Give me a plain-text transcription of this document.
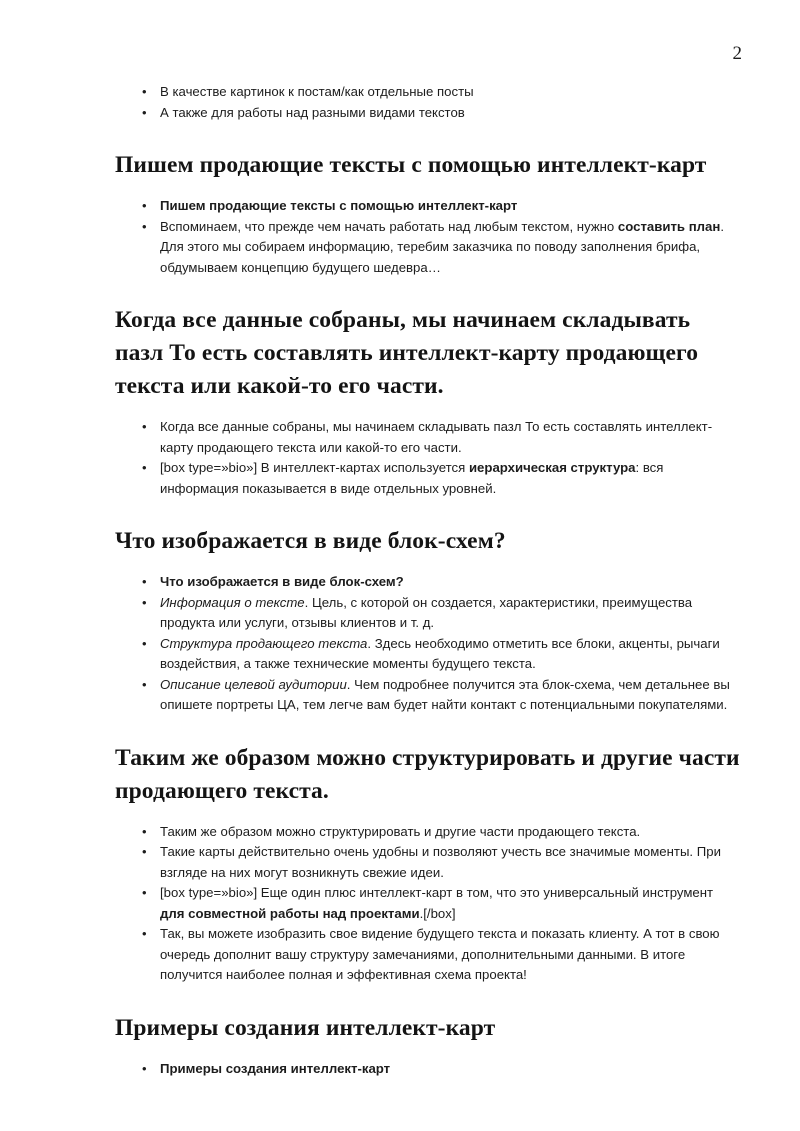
2
• В качестве картинок к постам/как отдельные посты
• А также для работы над разными видами текстов
Пишем продающие тексты с помощью интеллект-карт
• Пишем продающие тексты с помощью интеллект-карт
• Вспоминаем, что прежде чем начать работать над любым текстом, нужно составить план. Для этого мы собираем информацию, теребим заказчика по поводу заполнения брифа, обдумываем концепцию будущего шедевра…
Когда все данные собраны, мы начинаем складывать пазл То есть составлять интеллект-карту продающего текста или какой-то его части.
• Когда все данные собраны, мы начинаем складывать пазл То есть составлять интеллект-карту продающего текста или какой-то его части.
• [box type=»bio»] В интеллект-картах используется иерархическая структура: вся информация показывается в виде отдельных уровней.
Что изображается в виде блок-схем?
• Что изображается в виде блок-схем?
• Информация о тексте. Цель, с которой он создается, характеристики, преимущества продукта или услуги, отзывы клиентов и т. д.
• Структура продающего текста. Здесь необходимо отметить все блоки, акценты, рычаги воздействия, а также технические моменты будущего текста.
• Описание целевой аудитории. Чем подробнее получится эта блок-схема, чем детальнее вы опишете портреты ЦА, тем легче вам будет найти контакт с потенциальными покупателями.
Таким же образом можно структурировать и другие части продающего текста.
• Таким же образом можно структурировать и другие части продающего текста.
• Такие карты действительно очень удобны и позволяют учесть все значимые моменты. При взгляде на них могут возникнуть свежие идеи.
• [box type=»bio»] Еще один плюс интеллект-карт в том, что это универсальный инструмент для совместной работы над проектами.[/box]
• Так, вы можете изобразить свое видение будущего текста и показать клиенту. А тот в свою очередь дополнит вашу структуру замечаниями, дополнительными данными. В итоге получится наиболее полная и эффективная схема проекта!
Примеры создания интеллект-карт
• Примеры создания интеллект-карт
